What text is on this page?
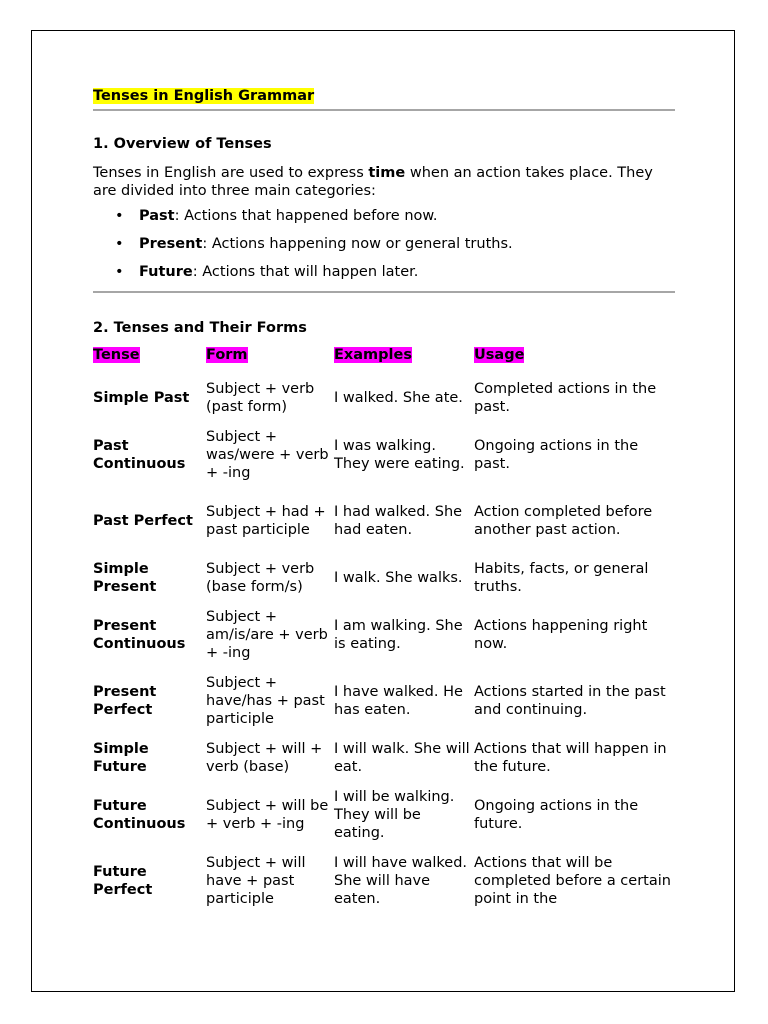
Tenses in English Grammar
1. Overview of Tenses

Tenses in English are used to express time when an action takes place. They are divided into three main categories:

• Past: Actions that happened before now.
• Present: Actions happening now or general truths.
• Future: Actions that will happen later.
2. Tenses and Their Forms
Tense	Form	Examples	Usage
Simple Past	Subject + verb (past form)	I walked. She ate.	Completed actions in the past.
Past Continuous	Subject + was/were + verb + -ing	I was walking. They were eating.	Ongoing actions in the past.
Past Perfect	Subject + had + past participle	I had walked. She had eaten.	Action completed before another past action.
Simple Present	Subject + verb (base form/s)	I walk. She walks.	Habits, facts, or general truths.
Present Continuous	Subject + am/is/are + verb + -ing	I am walking. She is eating.	Actions happening right now.
Present Perfect	Subject + have/has + past participle	I have walked. He has eaten.	Actions started in the past and continuing.
Simple Future	Subject + will + verb (base)	I will walk. She will eat.	Actions that will happen in the future.
Future Continuous	Subject + will be + verb + -ing	I will be walking. They will be eating.	Ongoing actions in the future.
Future Perfect	Subject + will have + past participle	I will have walked. She will have eaten.	Actions that will be completed before a certain point in the
